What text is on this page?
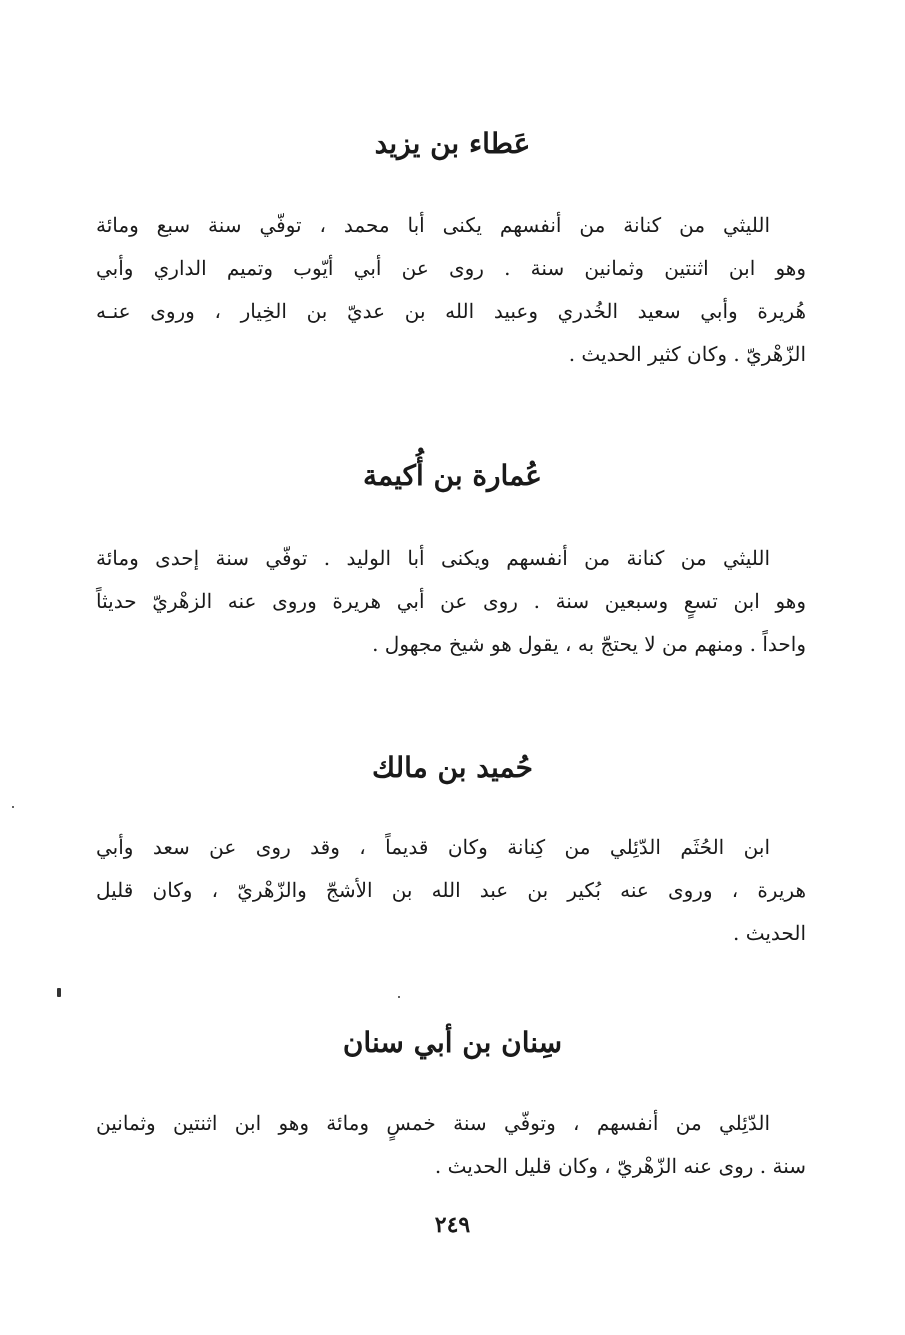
عَطاء بن يزيد
الليثي من كنانة من أنفسهم يكنى أبا محمد ، توفّي سنة سبع ومائة
وهو ابن اثنتين وثمانين سنة . روى عن أبي أيّوب وتميم الداري وأبي
هُريرة وأبي سعيد الخُدري وعبيد الله بن عديّ بن الخِيار ، وروى عنـه
الزّهْريّ . وكان كثير الحديث .
عُمارة بن أُكيمة
الليثي من كنانة من أنفسهم ويكنى أبا الوليد . توفّي سنة إحدى ومائة
وهو ابن تسعٍ وسبعين سنة . روى عن أبي هريرة وروى عنه الزهْريّ حديثاً
واحداً . ومنهم من لا يحتجّ به ، يقول هو شيخ مجهول .
حُميد بن مالك
ابن الحُثَم الدّئِلي من كِنانة وكان قديماً ، وقد روى عن سعد وأبي
هريرة ، وروى عنه بُكير بن عبد الله بن الأشجّ والزّهْريّ ، وكان قليل
الحديث .
سِنان بن أبي سنان
الدّئِلي من أنفسهم ، وتوفّي سنة خمسٍ ومائة وهو ابن اثنتين وثمانين
سنة . روى عنه الزّهْريّ ، وكان قليل الحديث .
٢٤٩
